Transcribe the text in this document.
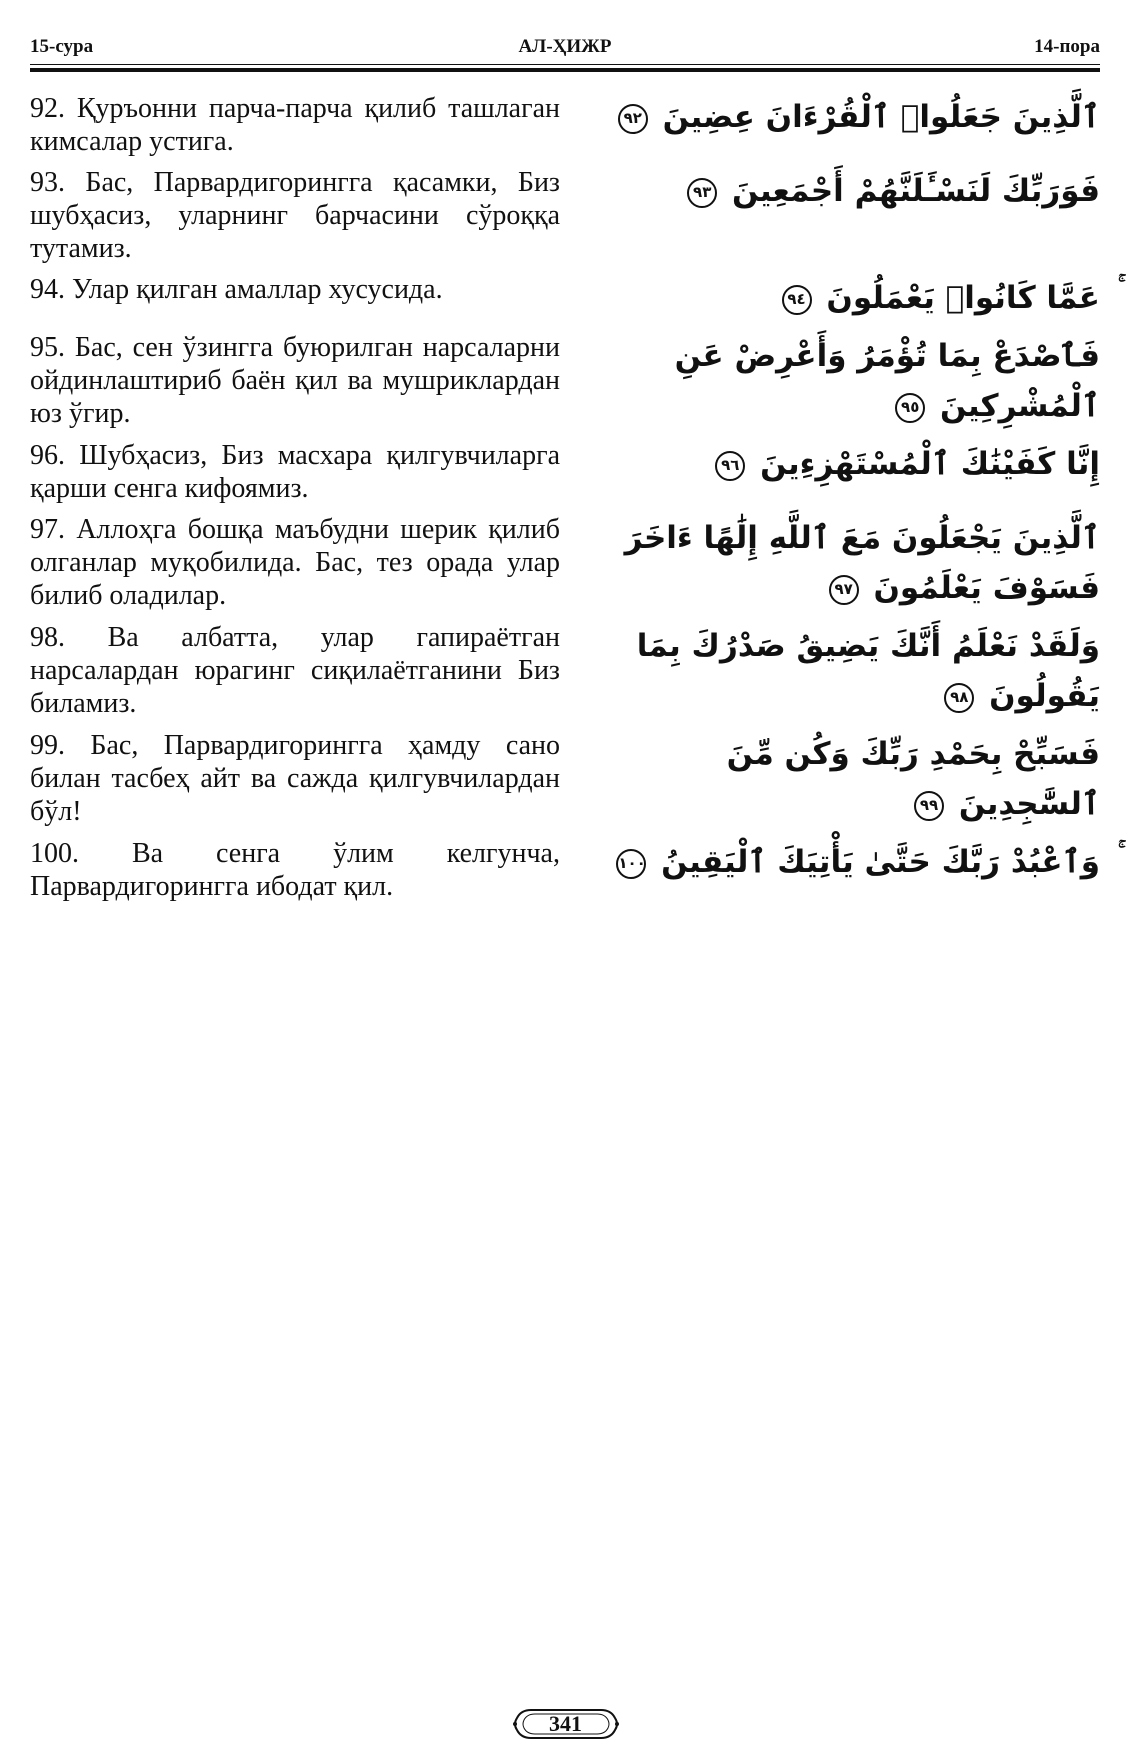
15-сура	АЛ-ҲИЖР	14-пора
92. Қуръонни парча-парча қилиб ташлаган кимсалар устига.
ٱلَّذِينَ جَعَلُوا۟ ٱلْقُرْءَانَ عِضِينَ ٩٢
93. Бас, Парвардигорингга қасамки, Биз шубҳасиз, уларнинг барчасини сўроққа тутамиз.
فَوَرَبِّكَ لَنَسْـَٔلَنَّهُمْ أَجْمَعِينَ ٩٣
94. Улар қилган амаллар хусусида.	عَمَّا كَانُوا۟ يَعْمَلُونَ ٩٤
95. Бас, сен ўзингга буюрилган нарсаларни ойдинлаштириб баён қил ва мушриклардан юз ўгир.
فَٱصْدَعْ بِمَا تُؤْمَرُ وَأَعْرِضْ عَنِ ٱلْمُشْرِكِينَ ٩٥
96. Шубҳасиз, Биз масхара қилгувчиларга қарши сенга кифоямиз.
إِنَّا كَفَيْنَٰكَ ٱلْمُسْتَهْزِءِينَ ٩٦
97. Аллоҳга бошқа маъбудни шерик қилиб олганлар муқобилида. Бас, тез орада улар билиб оладилар.
ٱلَّذِينَ يَجْعَلُونَ مَعَ ٱللَّهِ إِلَٰهًا ءَاخَرَ فَسَوْفَ يَعْلَمُونَ ٩٧
98. Ва албатта, улар гапираётган нарсалардан юрагинг сиқилаётганини Биз биламиз.
وَلَقَدْ نَعْلَمُ أَنَّكَ يَضِيقُ صَدْرُكَ بِمَا يَقُولُونَ ٩٨
99. Бас, Парвардигорингга ҳамду сано билан тасбеҳ айт ва сажда қилгувчилардан бўл!
فَسَبِّحْ بِحَمْدِ رَبِّكَ وَكُن مِّنَ ٱلسَّٰجِدِينَ ٩٩
100. Ва сенга ўлим келгунча, Парвардигорингга ибодат қил.
وَٱعْبُدْ رَبَّكَ حَتَّىٰ يَأْتِيَكَ ٱلْيَقِينُ ١٠٠
341
